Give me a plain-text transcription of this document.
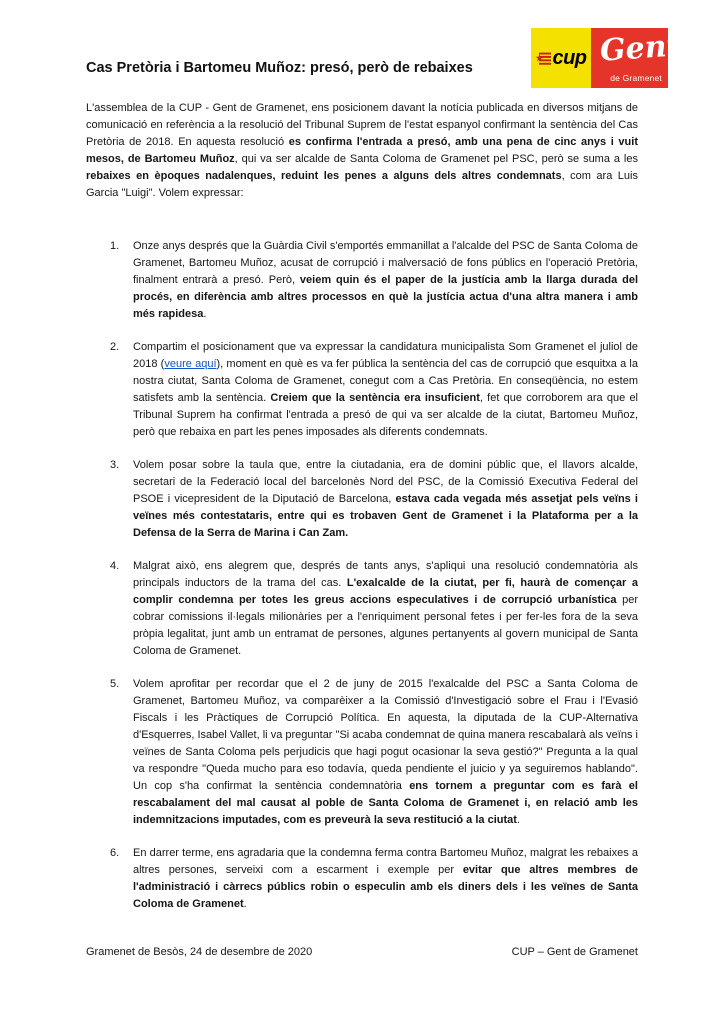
Cas Pretòria i Bartomeu Muñoz: presó, però de rebaixes	cup Gent
de Gramenet

L'assemblea de la CUP - Gent de Gramenet, ens posicionem davant la notícia publicada en diversos mitjans de comunicació en referència a la resolució del Tribunal Suprem de l'estat espanyol confirmant la sentència del Cas Pretòria de 2018. En aquesta resolució es confirma l'entrada a presó, amb una pena de cinc anys i vuit mesos, de Bartomeu Muñoz, qui va ser alcalde de Santa Coloma de Gramenet pel PSC, però se suma a les rebaixes en èpoques nadalenques, reduint les penes a alguns dels altres condemnats, com ara Luis Garcia "Luigi". Volem expressar:

1.	Onze anys després que la Guàrdia Civil s'emportés emmanillat a l'alcalde del PSC de Santa Coloma de Gramenet, Bartomeu Muñoz, acusat de corrupció i malversació de fons públics en l'operació Pretòria, finalment entrarà a presó. Però, veiem quin és el paper de la justícia amb la llarga durada del procés, en diferència amb altres processos en què la justícia actua d'una altra manera i amb més rapidesa.
2.	Compartim el posicionament que va expressar la candidatura municipalista Som Gramenet el juliol de 2018 (veure aquí), moment en què es va fer pública la sentència del cas de corrupció que esquitxa a la nostra ciutat, Santa Coloma de Gramenet, conegut com a Cas Pretòria. En conseqüència, no estem satisfets amb la sentència. Creiem que la sentència era insuficient, fet que corroborem ara que el Tribunal Suprem ha confirmat l'entrada a presó de qui va ser alcalde de la ciutat, Bartomeu Muñoz, però que rebaixa en part les penes imposades als diferents condemnats.
3.	Volem posar sobre la taula que, entre la ciutadania, era de domini públic que, el llavors alcalde, secretari de la Federació local del barcelonès Nord del PSC, de la Comissió Executiva Federal del PSOE i vicepresident de la Diputació de Barcelona, estava cada vegada més assetjat pels veïns i veïnes més contestataris, entre qui es trobaven Gent de Gramenet i la Plataforma per a la Defensa de la Serra de Marina i Can Zam.
4.	Malgrat això, ens alegrem que, després de tants anys, s'apliqui una resolució condemnatòria als principals inductors de la trama del cas. L'exalcalde de la ciutat, per fi, haurà de començar a complir condemna per totes les greus accions especulatives i de corrupció urbanística per cobrar comissions il·legals milionàries per a l'enriquiment personal fetes i per fer-les fora de la seva pròpia legalitat, junt amb un entramat de persones, algunes pertanyents al govern municipal de Santa Coloma de Gramenet.
5.	Volem aprofitar per recordar que el 2 de juny de 2015 l'exalcalde del PSC a Santa Coloma de Gramenet, Bartomeu Muñoz, va comparèixer a la Comissió d'Investigació sobre el Frau i l'Evasió Fiscals i les Pràctiques de Corrupció Política. En aquesta, la diputada de la CUP-Alternativa d'Esquerres, Isabel Vallet, li va preguntar "Si acaba condemnat de quina manera rescabalarà als veïns i veïnes de Santa Coloma pels perjudicis que hagi pogut ocasionar la seva gestió?" Pregunta a la qual va respondre "Queda mucho para eso todavía, queda pendiente el juicio y ya seguiremos hablando". Un cop s'ha confirmat la sentència condemnatòria ens tornem a preguntar com es farà el rescabalament del mal causat al poble de Santa Coloma de Gramenet i, en relació amb les indemnitzacions imputades, com es preveurà la seva restitució a la ciutat.
6.	En darrer terme, ens agradaria que la condemna ferma contra Bartomeu Muñoz, malgrat les rebaixes a altres persones, serveixi com a escarment i exemple per evitar que altres membres de l'administració i càrrecs públics robin o especulin amb els diners dels i les veïnes de Santa Coloma de Gramenet.
Gramenet de Besòs, 24 de desembre de 2020	CUP – Gent de Gramenet
